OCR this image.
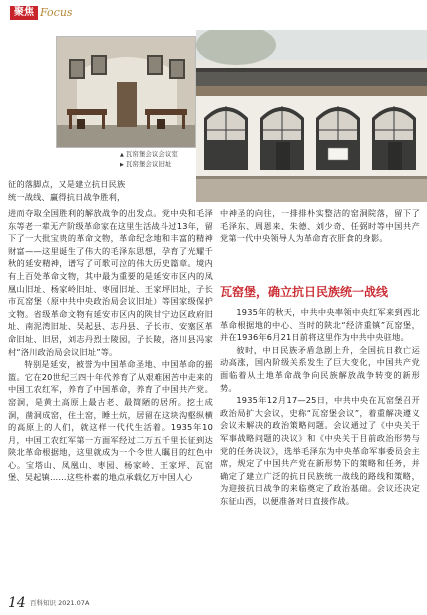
聚焦 Focus
▲ 瓦窑堡会议会议室
▶ 瓦窑堡会议旧址

征的落脚点，又是建立抗日民族

统一战线、赢得抗日战争胜利，

进而夺取全国胜利的解放战争的出发点。党中央和毛泽东等老一辈无产阶级革命家在这里生活战斗过13年，留下了一大批宝贵的革命文物，革命纪念地和丰富的精神财富——这里诞生了伟大的毛泽东思想，孕育了光耀千秋的延安精神，谱写了可歌可泣的伟大历史篇章。境内有上百处革命文物，其中最为重要的是延安市区内的凤凰山旧址、杨家岭旧址、枣园旧址、王家坪旧址，子长市瓦窑堡（原中共中央政治局会议旧址）等国家级保护文物。省级革命文物有延安市区内的陕甘宁边区政府旧址、南泥湾旧址、吴起县、志丹县、子长市、安塞区革命旧址、旧居，刘志丹烈士陵园，子长陵，洛川县冯家村“洛川政治局会议旧址”等。

特别是延安，被誉为中国革命圣地、中国革命的摇篮。它在20世纪三四十年代养育了从艰难困苦中走来的中国工农红军，养育了中国革命，养育了中国共产党。窑洞，是黄土高原上最古老、最简陋的居所。挖土成洞，凿洞成窑，住土窑，睡土炕，居留在这块沟壑纵横的高原上的人们，就这样一代代生活着。1935年10月，中国工农红军第一方面军经过二万五千里长征到达陕北革命根据地，这里就成为一个令世人瞩目的红色中心。宝塔山、凤凰山、枣园、杨家岭、王家坪、瓦窑堡、吴起镇……这些朴素的地点承载亿万中国人心

中神圣的向往，一排排朴实整洁的窑洞院落，留下了毛泽东、周恩来、朱德、刘少奇、任弼时等中国共产党第一代中央领导人为革命育衣肝食的身影。

瓦窑堡，确立抗日民族统一战线

1935年的秋天，中共中央率领中央红军来到西北革命根据地的中心、当时的陕北“经济重镇”瓦窑堡，并在1936年6月21日前将这里作为中共中央驻地。

彼时，中日民族矛盾急剧上升，全国抗日救亡运动高涨，国内阶级关系发生了巨大变化，中国共产党面临着从土地革命战争向民族解放战争转变的新形势。

1935年12月17—25日，中共中央在瓦窑堡召开政治局扩大会议，史称“瓦窑堡会议”，着重解决遵义会议未解决的政治策略问题。会议通过了《中央关于军事战略问题的决议》和《中央关于目前政治形势与党的任务决议》，选举毛泽东为中央革命军事委员会主席，规定了中国共产党在新形势下的策略和任务，并确定了建立广泛的抗日民族统一战线的路线和策略，为迎接抗日战争的来临奠定了政治基础。会议还决定东征山西，以便准备对日直接作战。

14 百科知识 2021.07A
